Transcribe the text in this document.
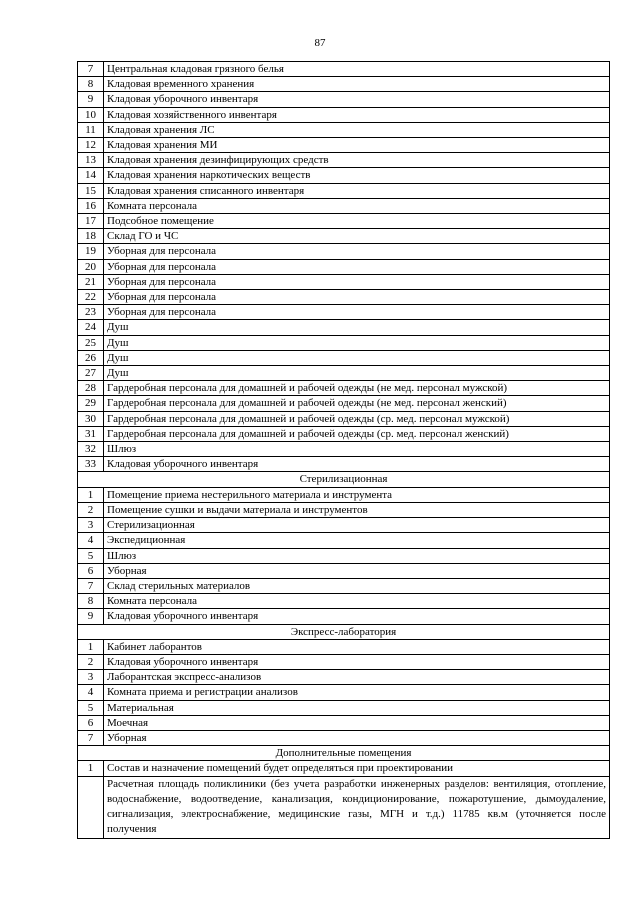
87
7	Центральная кладовая грязного белья
8	Кладовая временного хранения
9	Кладовая уборочного инвентаря
10	Кладовая хозяйственного инвентаря
11	Кладовая хранения ЛС
12	Кладовая хранения МИ
13	Кладовая хранения дезинфицирующих средств
14	Кладовая хранения наркотических веществ
15	Кладовая хранения списанного инвентаря
16	Комната персонала
17	Подсобное помещение
18	Склад ГО и ЧС
19	Уборная для персонала
20	Уборная для персонала
21	Уборная для персонала
22	Уборная для персонала
23	Уборная для персонала
24	Душ
25	Душ
26	Душ
27	Душ
28	Гардеробная персонала для домашней и рабочей одежды (не мед. персонал мужской)
29	Гардеробная персонала для домашней и рабочей одежды (не мед. персонал женский)
30	Гардеробная персонала для домашней и рабочей одежды (ср. мед. персонал мужской)
31	Гардеробная персонала для домашней и рабочей одежды (ср. мед. персонал женский)
32	Шлюз
33	Кладовая уборочного инвентаря
Стерилизационная	
1	Помещение приема нестерильного материала и инструмента
2	Помещение сушки и выдачи материала и инструментов
3	Стерилизационная
4	Экспедиционная
5	Шлюз
6	Уборная
7	Склад стерильных материалов
8	Комната персонала
9	Кладовая уборочного инвентаря
Экспресс-лаборатория	
1	Кабинет лаборантов
2	Кладовая уборочного инвентаря
3	Лаборантская экспресс-анализов
4	Комната приема и регистрации анализов
5	Материальная
6	Моечная
7	Уборная
Дополнительные помещения	
1	Состав и назначение помещений будет определяться при проектировании
	Расчетная площадь поликлиники (без учета разработки инженерных разделов: вентиляция, отопление, водоснабжение, водоотведение, канализация, кондиционирование, пожаротушение, дымоудаление, сигнализация, электроснабжение, медицинские газы, МГН и т.д.) 11785 кв.м (уточняется после получения
